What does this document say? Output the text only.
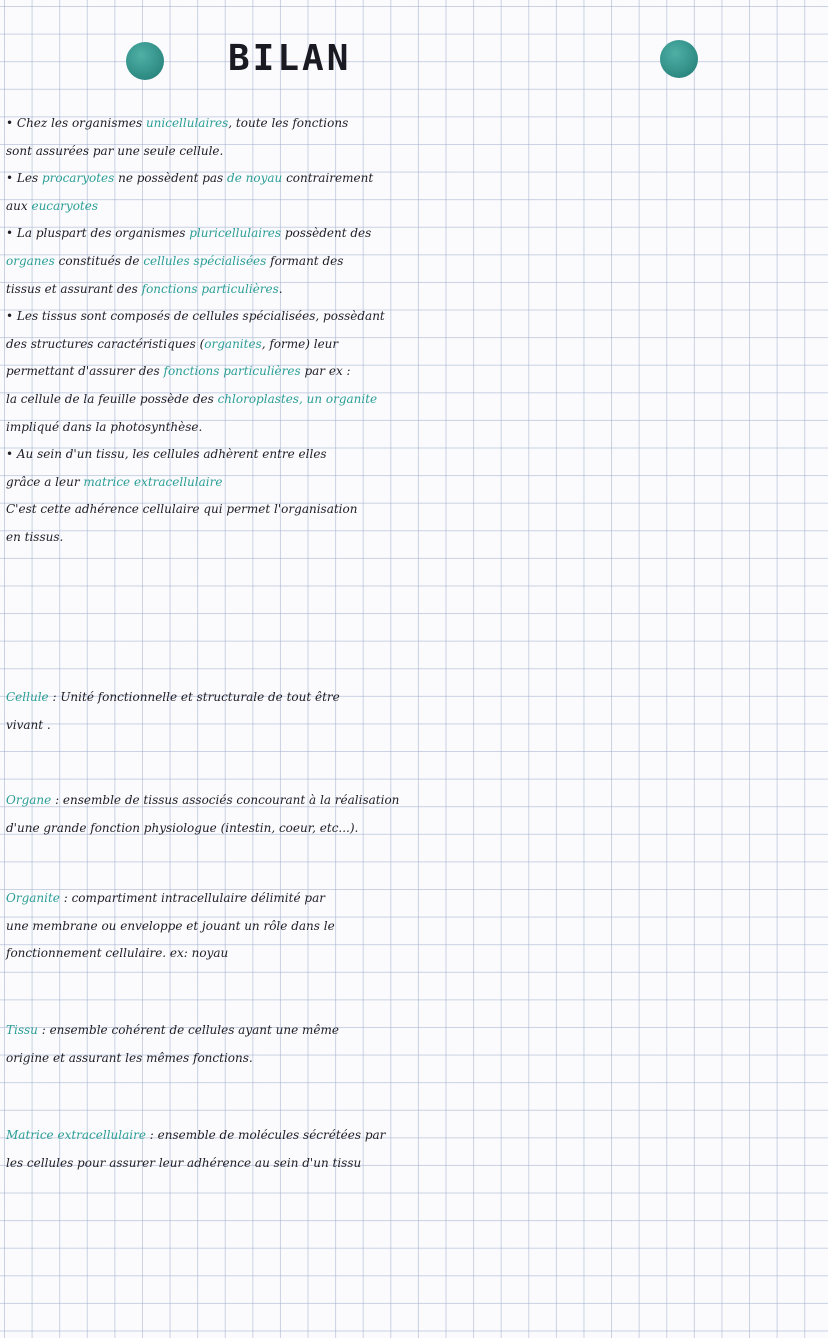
BILAN
• Chez les organismes unicellulaires, toute les fonctions
sont assurées par une seule cellule.
• Les procaryotes ne possèdent pas de noyau contrairement
aux eucaryotes
• La pluspart des organismes pluricellulaires possèdent des
organes constitués de cellules spécialisées formant des
tissus et assurant des fonctions particulières.
• Les tissus sont composés de cellules spécialisées, possèdant
des structures caractéristiques (organites, forme) leur
permettant d'assurer des fonctions particulières par ex :
la cellule de la feuille possède des chloroplastes, un organite
impliqué dans la photosynthèse.
• Au sein d'un tissu, les cellules adhèrent entre elles
grâce a leur matrice extracellulaire
C'est cette adhérence cellulaire qui permet l'organisation
en tissus.
Cellule : Unité fonctionnelle et structurale de tout être
vivant .
Organe : ensemble de tissus associés concourant à la réalisation
d'une grande fonction physiologue (intestin, coeur, etc...).
Organite : compartiment intracellulaire délimité par
une membrane ou enveloppe et jouant un rôle dans le
fonctionnement cellulaire. ex: noyau
Tissu : ensemble cohérent de cellules ayant une même
origine et assurant les mêmes fonctions.
Matrice extracellulaire : ensemble de molécules sécrétées par
les cellules pour assurer leur adhérence au sein d'un tissu
